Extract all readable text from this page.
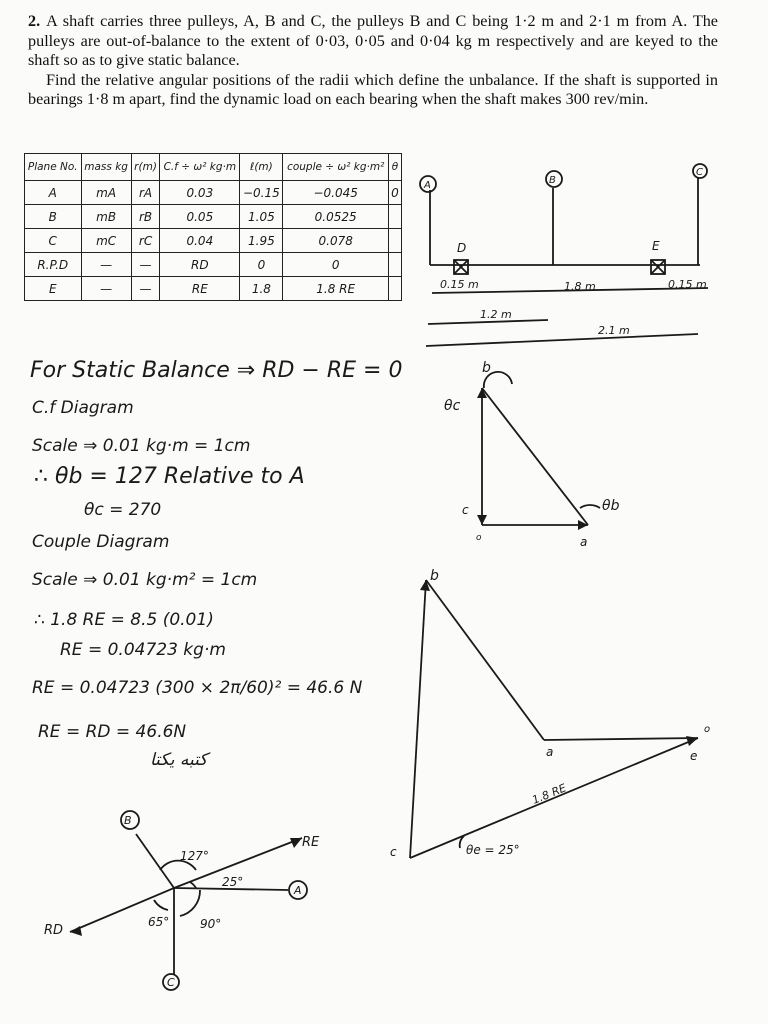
2. A shaft carries three pulleys, A, B and C, the pulleys B and C being 1·2 m and 2·1 m from A. The pulleys are out-of-balance to the extent of 0·03, 0·05 and 0·04 kg m respectively and are keyed to the shaft so as to give static balance.

Find the relative angular positions of the radii which define the unbalance. If the shaft is supported in bearings 1·8 m apart, find the dynamic load on each bearing when the shaft makes 300 rev/min.

Plane No.	mass kg	r(m)	C.f ÷ ω² kg·m	ℓ(m)	couple ÷ ω² kg·m²	θ
A	mA	rA	0.03	−0.15	−0.045	0
B	mB	rB	0.05	1.05	0.0525	
C	mC	rC	0.04	1.95	0.078	
R.P.D	—	—	RD	0	0	
E	—	—	RE	1.8	1.8 RE	
A	B
C
D	E
0.15 m	1.8 m	0.15 m
1.2 m
2.1 m
For Static Balance ⇒ RD − RE = 0
C.f Diagram
Scale ⇒ 0.01 kg·m = 1cm
∴ θb = 127 Relative to A
θc = 270
Couple Diagram
Scale ⇒ 0.01 kg·m² = 1cm
∴ 1.8 RE = 8.5 (0.01)
RE = 0.04723 kg·m
RE = 0.04723 (300 × 2π/60)² = 46.6 N
RE = RD = 46.6N
کتبه یکتا
b
c
a
o
θc
θb
b
a
c
o
e
1.8 RE
θe = 25°
B
A
C
RD
RE
127°
25°
65°	90°
